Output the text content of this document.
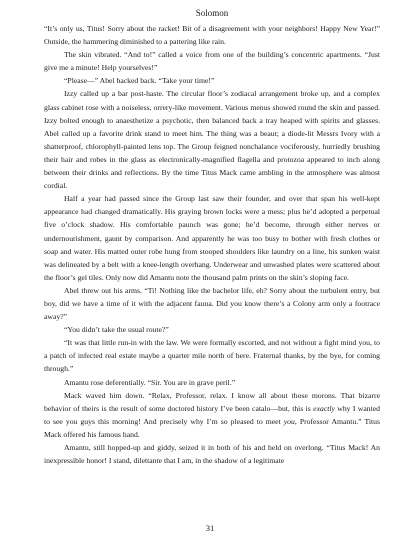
Solomon

“It’s only us, Titus! Sorry about the racket! Bit of a disagreement with your neighbors! Happy New Year!” Outside, the hammering diminished to a pattering like rain.

The skin vibrated. “And to!” called a voice from one of the building’s concentric apartments. “Just give me a minute! Help yourselves!”

“Please—” Abel backed back. “Take your time!”

Izzy called up a bar post-haste. The circular floor’s zodiacal arrangement broke up, and a complex glass cabinet rose with a noiseless, orrery-like movement. Various menus showed round the skin and passed. Izzy bolted enough to anaesthetize a psychotic, then balanced back a tray heaped with spirits and glasses. Abel called up a favorite drink stand to meet him. The thing was a beaut; a diode-lit Messrs Ivory with a shatterproof, chlorophyll-painted lens top. The Group feigned nonchalance vociferously, hurriedly brushing their hair and robes in the glass as electronically-magnified flagella and protozoa appeared to inch along between their drinks and reflections. By the time Titus Mack came ambling in the atmosphere was almost cordial.

Half a year had passed since the Group last saw their founder, and over that span his well-kept appearance had changed dramatically. His graying brown locks were a mess; plus he’d adopted a perpetual five o’clock shadow. His comfortable paunch was gone; he’d become, through either nerves or undernourishment, gaunt by comparison. And apparently he was too busy to bother with fresh clothes or soap and water. His matted outer robe hung from stooped shoulders like laundry on a line, his sunken waist was delineated by a belt with a knee-length overhang. Underwear and unwashed plates were scattered about the floor’s gel tiles. Only now did Amantu note the thousand palm prints on the skin’s sloping face.

Abel threw out his arms. “Ti! Nothing like the bachelor life, eh? Sorry about the turbulent entry, but boy, did we have a time of it with the adjacent fauna. Did you know there’s a Colony arm only a footrace away?”

“You didn’t take the usual route?”

“It was that little run-in with the law. We were formally escorted, and not without a fight mind you, to a patch of infected real estate maybe a quarter mile north of here. Fraternal thanks, by the bye, for coming through.”

Amantu rose deferentially. “Sir. You are in grave peril.”

Mack waved him down. “Relax, Professor, relax. I know all about those morons. That bizarre behavior of theirs is the result of some doctored history I’ve been catalo—but, this is exactly why I wanted to see you guys this morning! And precisely why I’m so pleased to meet you, Professor Amantu.” Titus Mack offered his famous hand.

Amantu, still hopped-up and giddy, seized it in both of his and held on overlong. “Titus Mack! An inexpressible honor! I stand, dilettante that I am, in the shadow of a legitimate

31
